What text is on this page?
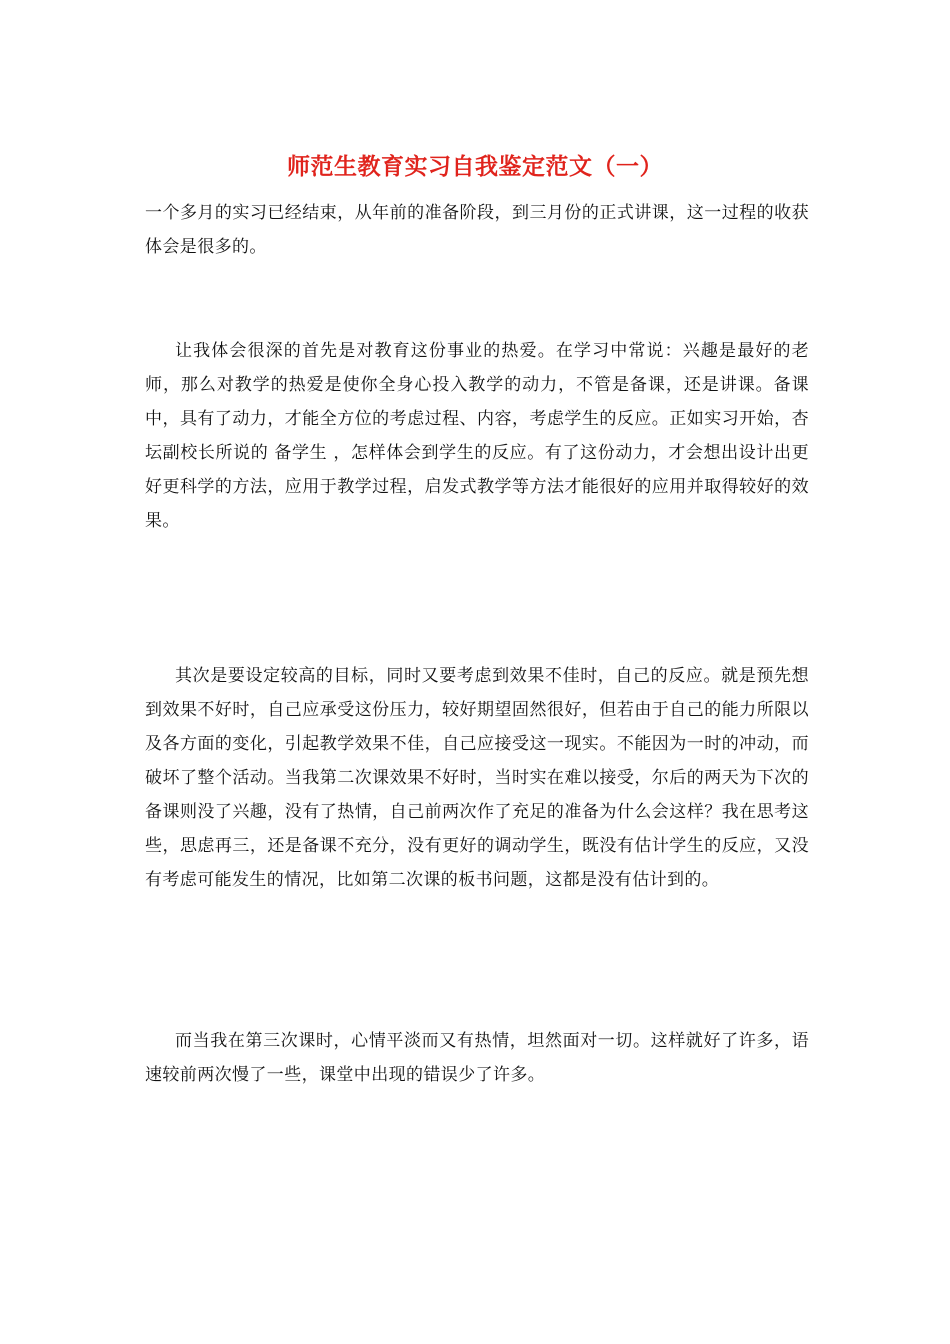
师范生教育实习自我鉴定范文（一）

一个多月的实习已经结束，从年前的准备阶段，到三月份的正式讲课，这一过程的收获体会是很多的。

让我体会很深的首先是对教育这份事业的热爱。在学习中常说：兴趣是最好的老师，那么对教学的热爱是使你全身心投入教学的动力，不管是备课，还是讲课。备课中，具有了动力，才能全方位的考虑过程、内容，考虑学生的反应。正如实习开始，杏坛副校长所说的 备学生 ，怎样体会到学生的反应。有了这份动力，才会想出设计出更好更科学的方法，应用于教学过程，启发式教学等方法才能很好的应用并取得较好的效果。

其次是要设定较高的目标，同时又要考虑到效果不佳时，自己的反应。就是预先想到效果不好时，自己应承受这份压力，较好期望固然很好，但若由于自己的能力所限以及各方面的变化，引起教学效果不佳，自己应接受这一现实。不能因为一时的冲动，而破坏了整个活动。当我第二次课效果不好时，当时实在难以接受，尔后的两天为下次的备课则没了兴趣，没有了热情，自己前两次作了充足的准备为什么会这样？我在思考这些，思虑再三，还是备课不充分，没有更好的调动学生，既没有估计学生的反应，又没有考虑可能发生的情况，比如第二次课的板书问题，这都是没有估计到的。

而当我在第三次课时，心情平淡而又有热情，坦然面对一切。这样就好了许多，语速较前两次慢了一些，课堂中出现的错误少了许多。
